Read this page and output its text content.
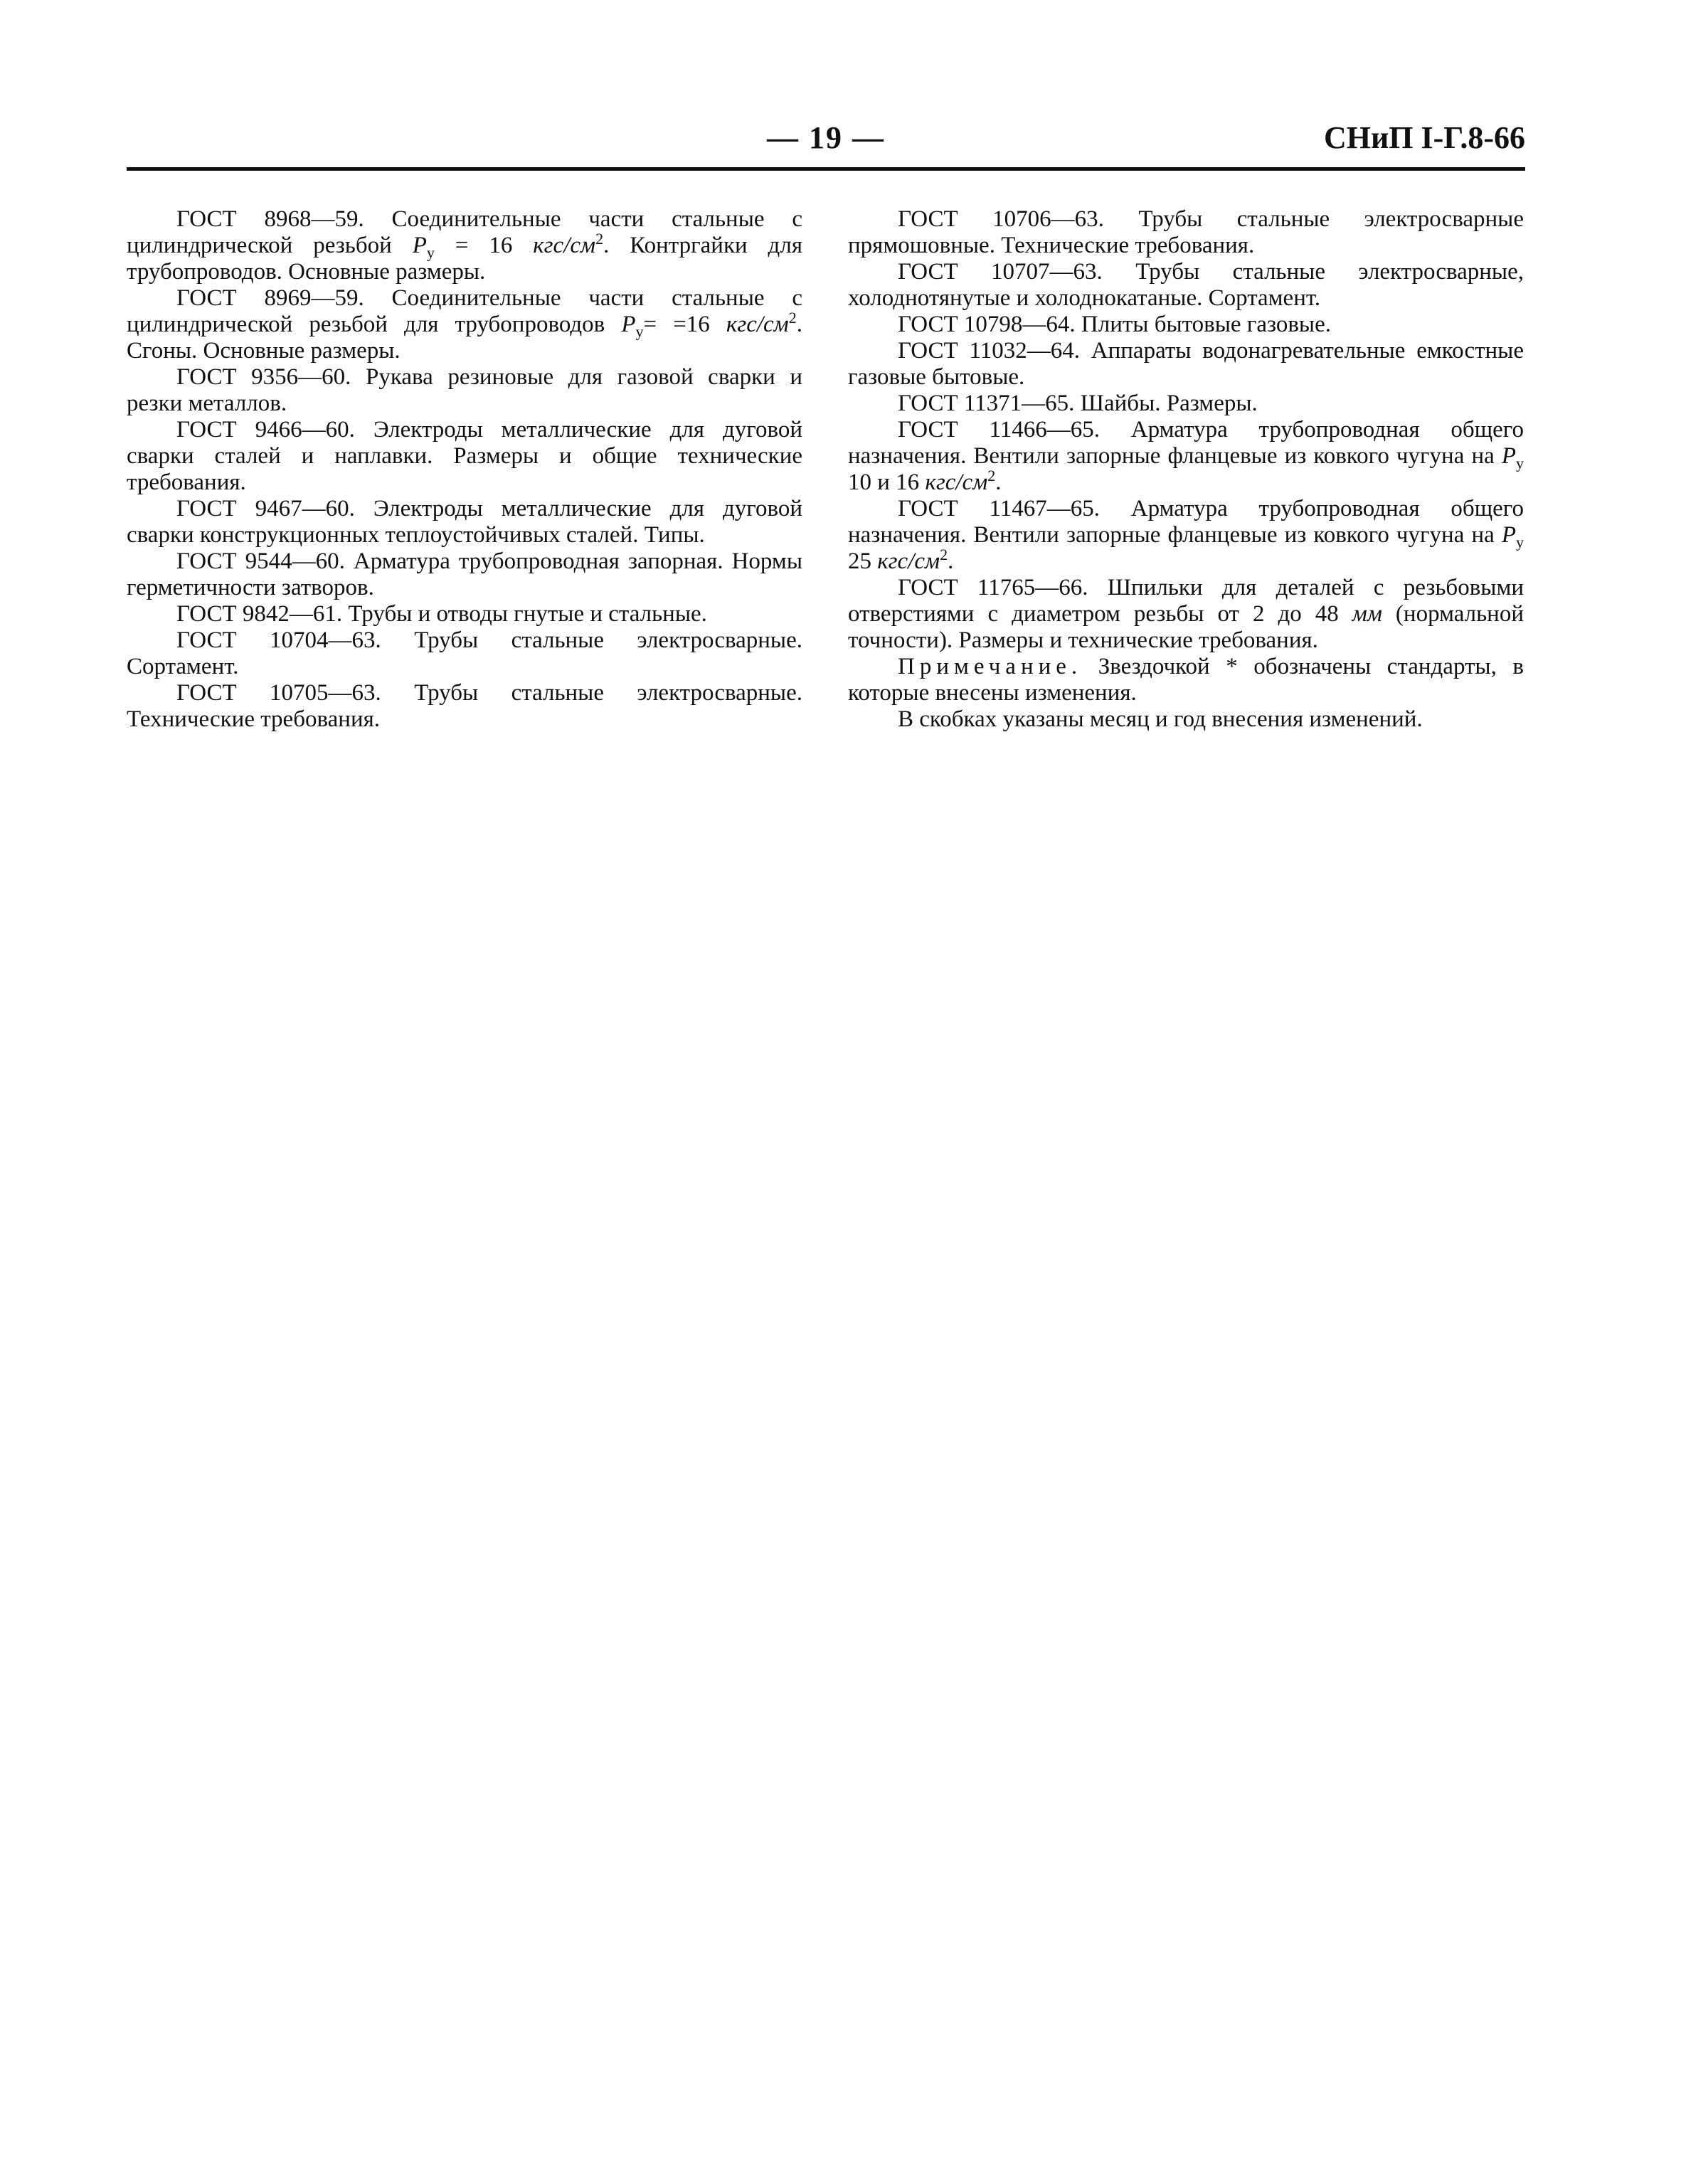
— 19 —	СНиП I-Г.8-66

ГОСТ 8968—59. Соединительные части стальные с цилиндрической резьбой $P_у = 16$ кгс/$см^2$. Контргайки для трубопроводов. Основные размеры.

ГОСТ 8969—59. Соединительные части стальные с цилиндрической резьбой для трубопроводов $P_у= =16$ кгс/$см^2$. Сгоны. Основные размеры.

ГОСТ 9356—60. Рукава резиновые для газовой сварки и резки металлов.

ГОСТ 9466—60. Электроды металлические для дуговой сварки сталей и наплавки. Размеры и общие технические требования.

ГОСТ 9467—60. Электроды металлические для дуговой сварки конструкционных теплоустойчивых сталей. Типы.

ГОСТ 9544—60. Арматура трубопроводная запорная. Нормы герметичности затворов.

ГОСТ 9842—61. Трубы и отводы гнутые и стальные.

ГОСТ 10704—63. Трубы стальные электросварные. Сортамент.

ГОСТ 10705—63. Трубы стальные электросварные. Технические требования.

ГОСТ 10706—63. Трубы стальные электросварные прямошовные. Технические требования.

ГОСТ 10707—63. Трубы стальные электросварные, холоднотянутые и холоднокатаные. Сортамент.

ГОСТ 10798—64. Плиты бытовые газовые.

ГОСТ 11032—64. Аппараты водонагревательные емкостные газовые бытовые.

ГОСТ 11371—65. Шайбы. Размеры.

ГОСТ 11466—65. Арматура трубопроводная общего назначения. Вентили запорные фланцевые из ковкого чугуна на $P_у$ 10 и 16 кгс/$см^2$.

ГОСТ 11467—65. Арматура трубопроводная общего назначения. Вентили запорные фланцевые из ковкого чугуна на $P_у$ 25 кгс/$см^2$.

ГОСТ 11765—66. Шпильки для деталей с резьбовыми отверстиями с диаметром резьбы от 2 до 48 мм (нормальной точности). Размеры и технические требования.

Примечание. Звездочкой * обозначены стандарты, в которые внесены изменения.

В скобках указаны месяц и год внесения изменений.
